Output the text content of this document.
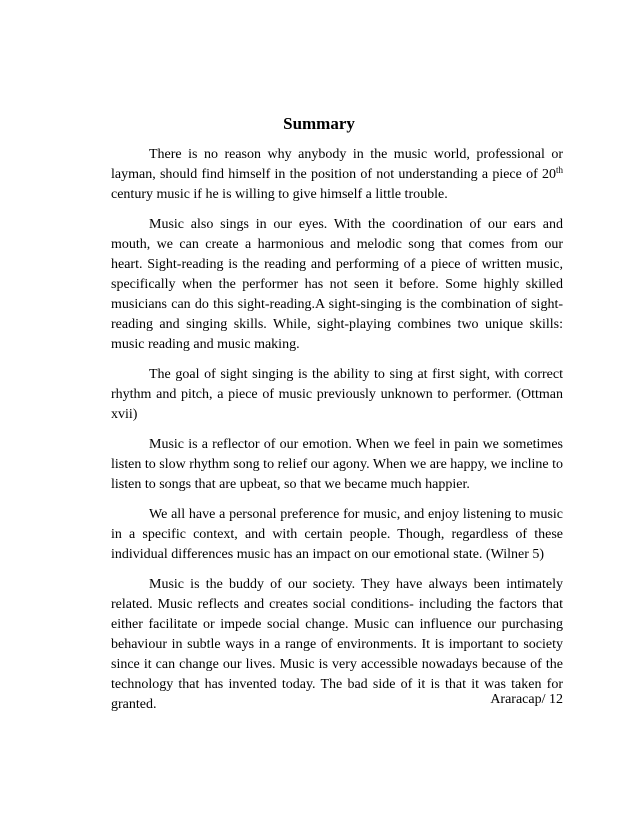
Summary

There is no reason why anybody in the music world, professional or layman, should find himself in the position of not understanding a piece of 20th century music if he is willing to give himself a little trouble.

Music also sings in our eyes. With the coordination of our ears and mouth, we can create a harmonious and melodic song that comes from our heart. Sight-reading is the reading and performing of a piece of written music, specifically when the performer has not seen it before. Some highly skilled musicians can do this sight-reading.A sight-singing is the combination of sight-reading and singing skills. While, sight-playing combines two unique skills: music reading and music making.

The goal of sight singing is the ability to sing at first sight, with correct rhythm and pitch, a piece of music previously unknown to performer. (Ottman xvii)

Music is a reflector of our emotion. When we feel in pain we sometimes listen to slow rhythm song to relief our agony. When we are happy, we incline to listen to songs that are upbeat, so that we became much happier.

We all have a personal preference for music, and enjoy listening to music in a specific context, and with certain people. Though, regardless of these individual differences music has an impact on our emotional state. (Wilner 5)

Music is the buddy of our society. They have always been intimately related. Music reflects and creates social conditions- including the factors that either facilitate or impede social change. Music can influence our purchasing behaviour in subtle ways in a range of environments. It is important to society since it can change our lives. Music is very accessible nowadays because of the technology that has invented today. The bad side of it is that it was taken for granted.	Araracap/ 12
